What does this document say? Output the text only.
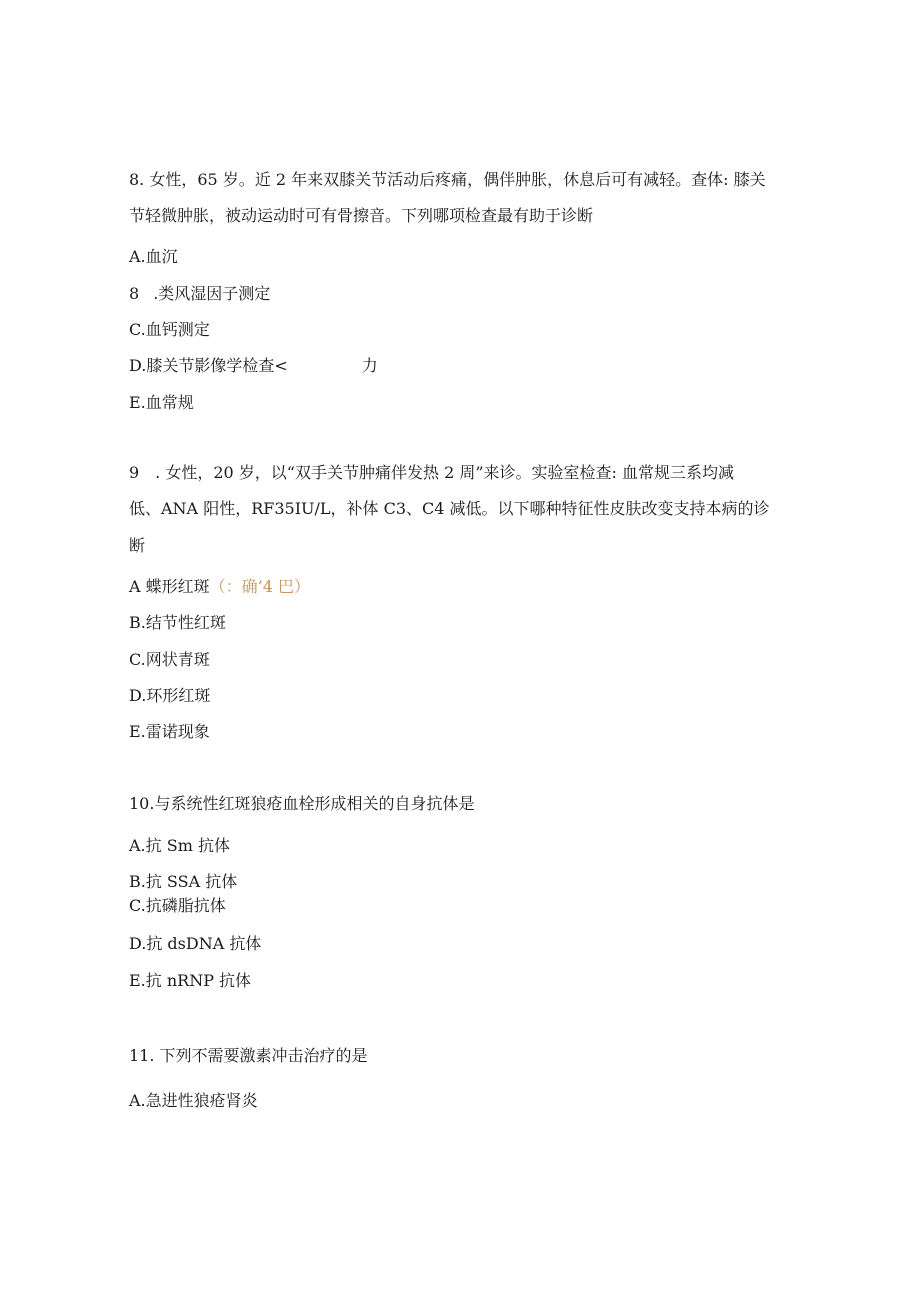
8. 女性，65 岁。近 2 年来双膝关节活动后疼痛，偶伴肿胀，休息后可有减轻。查体: 膝关
节轻微肿胀，被动运动时可有骨擦音。下列哪项检查最有助于诊断
A.血沉
8 .类风湿因子测定
C.血钙测定
D.膝关节影像学检查<	力
E.血常规
9　. 女性，20 岁，以“双手关节肿痛伴发热 2 周”来诊。实验室检查: 血常规三系均减
低、ANA 阳性，RF35IU/L，补体 C3、C4 减低。以下哪种特征性皮肤改变支持本病的诊
断
A 蝶形红斑（：确’4 巴）
B.结节性红斑
C.网状青斑
D.环形红斑
E.雷诺现象
10.与系统性红斑狼疮血栓形成相关的自身抗体是
A.抗 Sm 抗体
B.抗 SSA 抗体
C.抗磷脂抗体
D.抗 dsDNA 抗体
E.抗 nRNP 抗体
11. 下列不需要激素冲击治疗的是
A.急进性狼疮肾炎
